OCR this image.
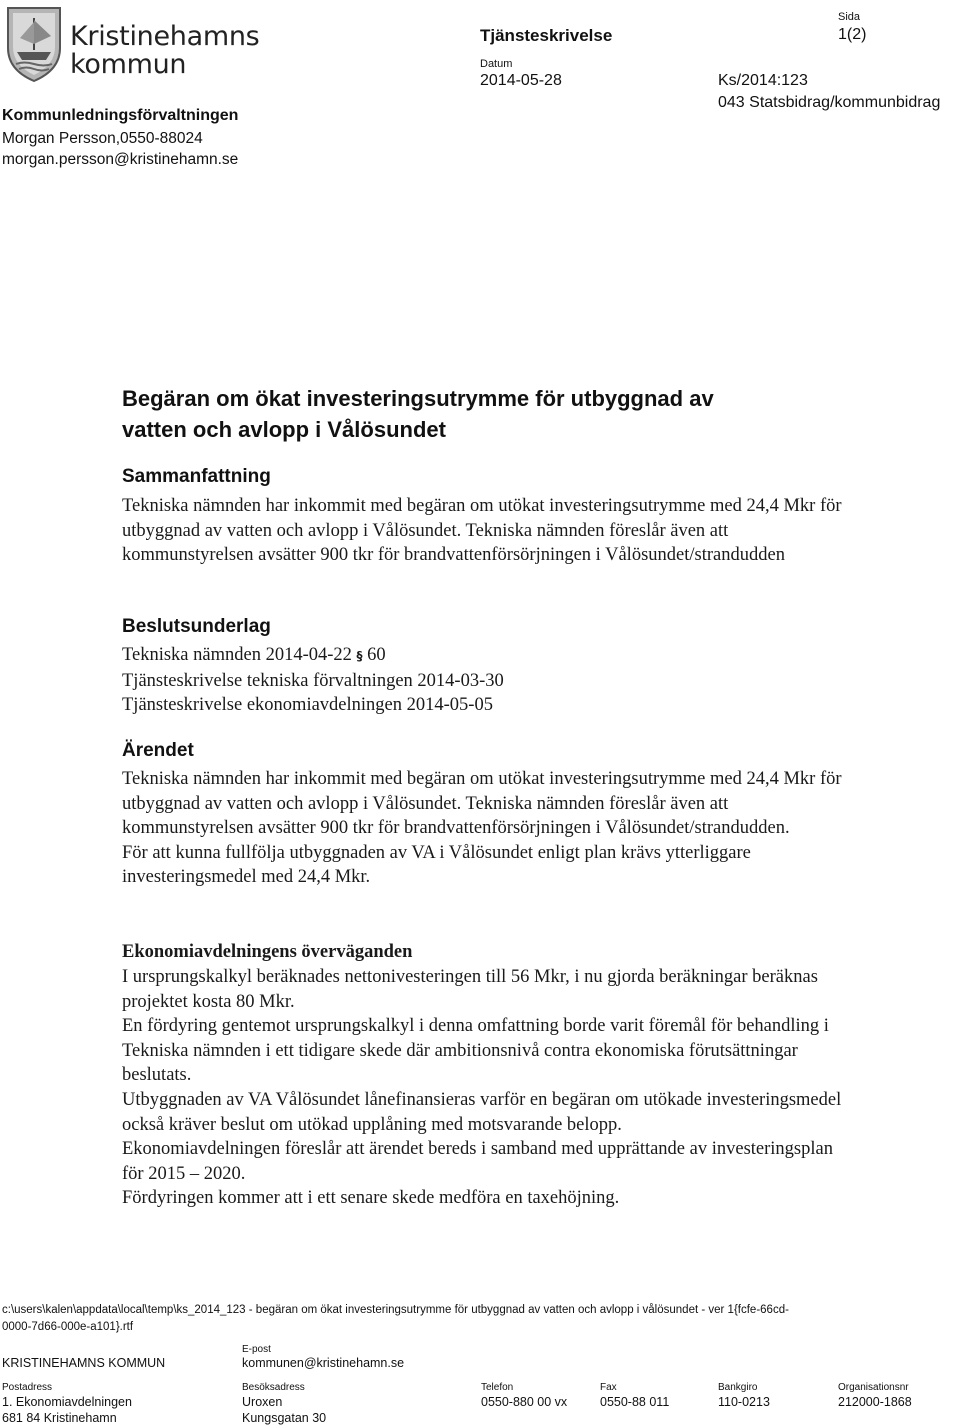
Kristinehamns
kommun
Kommunledningsförvaltningen
Morgan Persson,0550-88024
morgan.persson@kristinehamn.se
Tjänsteskrivelse
Datum
2014-05-28
Sida
1(2)
Ks/2014:123
043 Statsbidrag/kommunbidrag
Begäran om ökat investeringsutrymme för utbyggnad av
vatten och avlopp i Vålösundet
Sammanfattning
Tekniska nämnden har inkommit med begäran om utökat investeringsutrymme med 24,4 Mkr för utbyggnad av vatten och avlopp i Vålösundet. Tekniska nämnden föreslår även att kommunstyrelsen avsätter 900 tkr för brandvattenförsörjningen i Vålösundet/strandudden
Beslutsunderlag
Tekniska nämnden 2014-04-22 § 60
Tjänsteskrivelse tekniska förvaltningen 2014-03-30
Tjänsteskrivelse ekonomiavdelningen 2014-05-05
Ärendet

Tekniska nämnden har inkommit med begäran om utökat investeringsutrymme med 24,4 Mkr för utbyggnad av vatten och avlopp i Vålösundet. Tekniska nämnden föreslår även att kommunstyrelsen avsätter 900 tkr för brandvattenförsörjningen i Vålösundet/strandudden.

För att kunna fullfölja utbyggnaden av VA i Vålösundet enligt plan krävs ytterliggare investeringsmedel med 24,4 Mkr.

Ekonomiavdelningens överväganden

I ursprungskalkyl beräknades nettonivesteringen till 56 Mkr, i nu gjorda beräkningar beräknas projektet kosta 80 Mkr.

En fördyring gentemot ursprungskalkyl i denna omfattning borde varit föremål för behandling i Tekniska nämnden i ett tidigare skede där ambitionsnivå contra ekonomiska förutsättningar beslutats.

Utbyggnaden av VA Vålösundet lånefinansieras varför en begäran om utökade investeringsmedel också kräver beslut om utökad upplåning med motsvarande belopp.

Ekonomiavdelningen föreslår att ärendet bereds i samband med upprättande av investeringsplan för 2015 – 2020.

Fördyringen kommer att i ett senare skede medföra en taxehöjning.

c:\users\kalen\appdata\local\temp\ks_2014_123 - begäran om ökat investeringsutrymme för utbyggnad av vatten och avlopp i vålösundet - ver 1{fcfe-66cd-0000-7d66-000e-a101}.rtf
KRISTINEHAMNS KOMMUN
E-post
kommunen@kristinehamn.se
Postadress
1. Ekonomiavdelningen
681 84 Kristinehamn
Besöksadress
Uroxen
Kungsgatan 30
Telefon
0550-880 00 vx
Fax
0550-88 011
Bankgiro
110-0213
Organisationsnr
212000-1868
